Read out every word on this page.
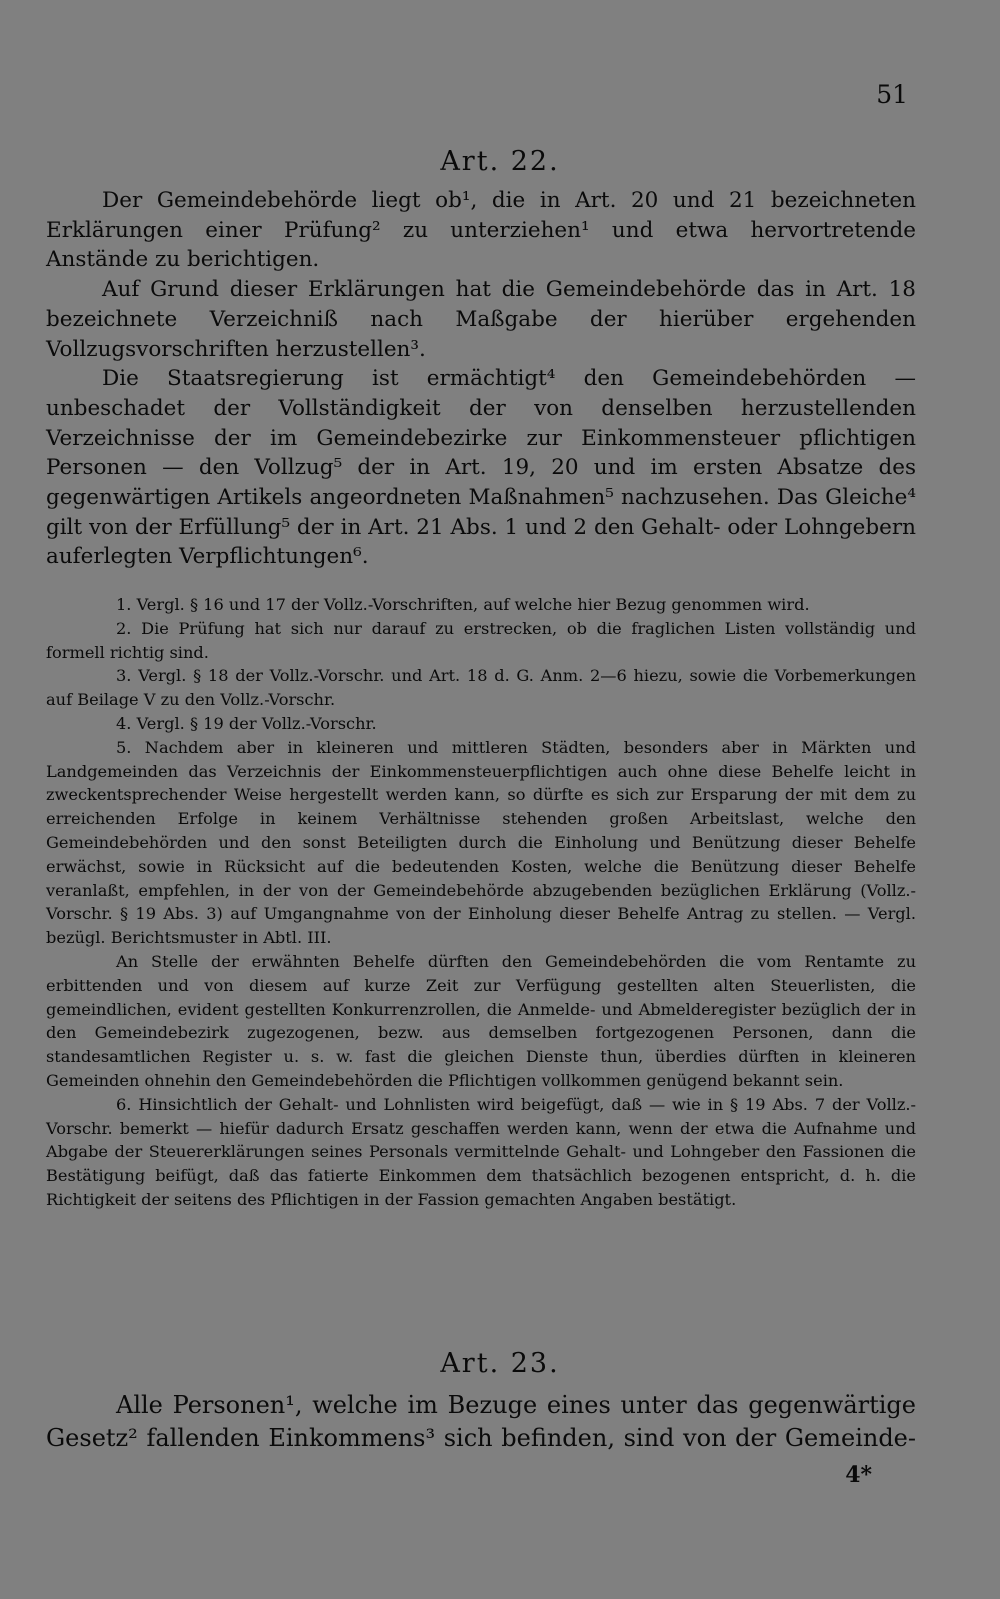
51
Art. 22.

Der Gemeindebehörde liegt ob¹, die in Art. 20 und 21 bezeichneten Erklärungen einer Prüfung² zu unterziehen¹ und etwa hervortretende Anstände zu berichtigen.

Auf Grund dieser Erklärungen hat die Gemeindebehörde das in Art. 18 bezeichnete Verzeichniß nach Maßgabe der hierüber ergehenden Vollzugsvorschriften herzustellen³.

Die Staatsregierung ist ermächtigt⁴ den Gemeindebehörden — unbeschadet der Vollständigkeit der von denselben herzustellenden Verzeichnisse der im Gemeindebezirke zur Einkommensteuer pflichtigen Personen — den Vollzug⁵ der in Art. 19, 20 und im ersten Absatze des gegenwärtigen Artikels angeordneten Maßnahmen⁵ nachzusehen. Das Gleiche⁴ gilt von der Erfüllung⁵ der in Art. 21 Abs. 1 und 2 den Gehalt- oder Lohngebern auferlegten Verpflichtungen⁶.

1. Vergl. § 16 und 17 der Vollz.-Vorschriften, auf welche hier Bezug genommen wird.

2. Die Prüfung hat sich nur darauf zu erstrecken, ob die fraglichen Listen vollständig und formell richtig sind.

3. Vergl. § 18 der Vollz.-Vorschr. und Art. 18 d. G. Anm. 2—6 hiezu, sowie die Vorbemerkungen auf Beilage V zu den Vollz.-Vorschr.

4. Vergl. § 19 der Vollz.-Vorschr.

5. Nachdem aber in kleineren und mittleren Städten, besonders aber in Märkten und Landgemeinden das Verzeichnis der Einkommensteuerpflichtigen auch ohne diese Behelfe leicht in zweckentsprechender Weise hergestellt werden kann, so dürfte es sich zur Ersparung der mit dem zu erreichenden Erfolge in keinem Verhältnisse stehenden großen Arbeitslast, welche den Gemeindebehörden und den sonst Beteiligten durch die Einholung und Benützung dieser Behelfe erwächst, sowie in Rücksicht auf die bedeutenden Kosten, welche die Benützung dieser Behelfe veranlaßt, empfehlen, in der von der Gemeindebehörde abzugebenden bezüglichen Erklärung (Vollz.-Vorschr. § 19 Abs. 3) auf Umgangnahme von der Einholung dieser Behelfe Antrag zu stellen. — Vergl. bezügl. Berichtsmuster in Abtl. III.

An Stelle der erwähnten Behelfe dürften den Gemeindebehörden die vom Rentamte zu erbittenden und von diesem auf kurze Zeit zur Verfügung gestellten alten Steuerlisten, die gemeindlichen, evident gestellten Konkurrenzrollen, die Anmelde- und Abmelderegister bezüglich der in den Gemeindebezirk zugezogenen, bezw. aus demselben fortgezogenen Personen, dann die standesamtlichen Register u. s. w. fast die gleichen Dienste thun, überdies dürften in kleineren Gemeinden ohnehin den Gemeindebehörden die Pflichtigen vollkommen genügend bekannt sein.

6. Hinsichtlich der Gehalt- und Lohnlisten wird beigefügt, daß — wie in § 19 Abs. 7 der Vollz.-Vorschr. bemerkt — hiefür dadurch Ersatz geschaffen werden kann, wenn der etwa die Aufnahme und Abgabe der Steuererklärungen seines Personals vermittelnde Gehalt- und Lohngeber den Fassionen die Bestätigung beifügt, daß das fatierte Einkommen dem thatsächlich bezogenen entspricht, d. h. die Richtigkeit der seitens des Pflichtigen in der Fassion gemachten Angaben bestätigt.

Art. 23.

Alle Personen¹, welche im Bezuge eines unter das gegenwärtige Gesetz² fallenden Einkommens³ sich befinden, sind von der Gemeinde-

4*
